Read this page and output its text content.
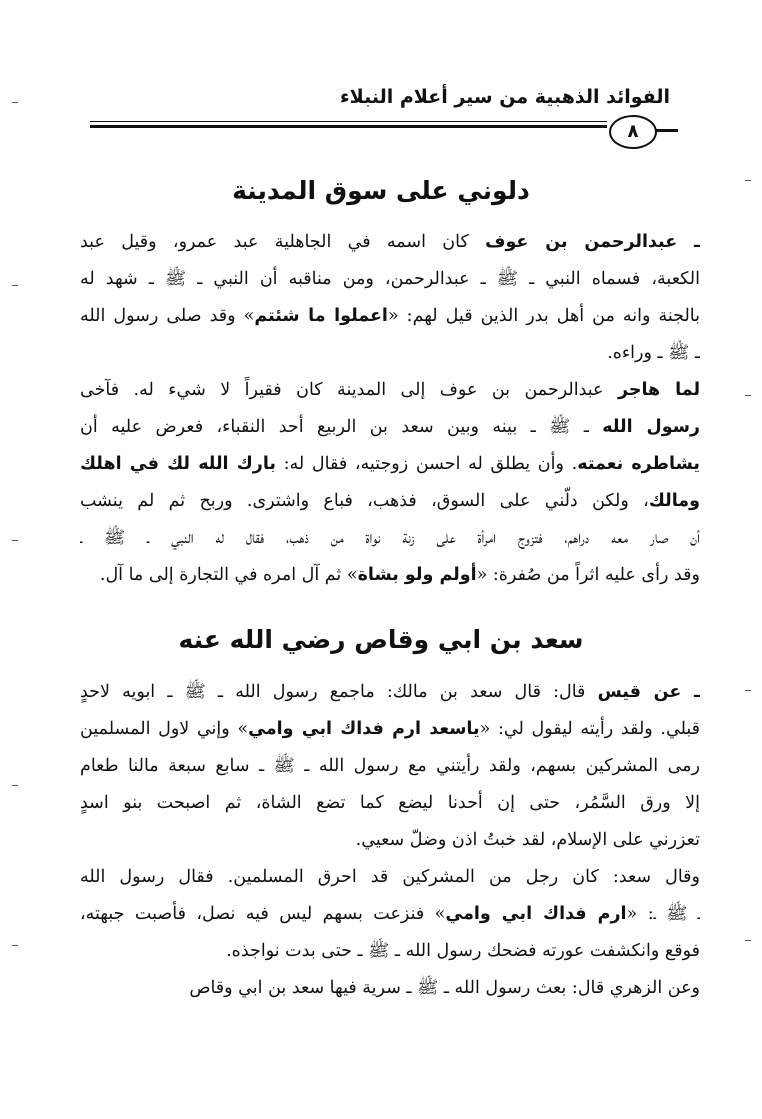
الفوائد الذهبية من سير أعلام النبلاء
٨
دلوني على سوق المدينة
ـ عبدالرحمن بن عوف كان اسمه في الجاهلية عبد عمرو، وقيل عبد
الكعبة، فسماه النبي ـ ﷺ ـ عبدالرحمن، ومن مناقبه أن النبي ـ ﷺ ـ شهد له
بالجنة وانه من أهل بدر الذين قيل لهم: «اعملوا ما شئتم» وقد صلى رسول الله
ـ ﷺ ـ وراءه.
لما هاجر عبدالرحمن بن عوف إلى المدينة كان فقيراً لا شيء له. فآخى
رسول الله ـ ﷺ ـ بينه وبين سعد بن الربيع أحد النقباء، فعرض عليه أن
يشاطره نعمته. وأن يطلق له احسن زوجتيه، فقال له: بارك الله لك في اهلك
ومالك، ولكن دلّني على السوق، فذهب، فباع واشترى. وربح ثم لم ينشب
أن صار معه دراهم، فتزوج امرأة على زنة نواة من ذهب، فقال له النبي ـ ﷺ ـ
وقد رأى عليه اثراً من صُفرة: «أولم ولو بشاة» ثم آل امره في التجارة إلى ما آل.
سعد بن ابي وقاص رضي الله عنه
ـ عن قيس قال: قال سعد بن مالك: ماجمع رسول الله ـ ﷺ ـ ابويه لاحدٍ
قبلي. ولقد رأيته ليقول لي: «ياسعد ارم فداك ابي وامي» وإني لاول المسلمين
رمى المشركين بسهم، ولقد رأيتني مع رسول الله ـ ﷺ ـ سابع سبعة مالنا طعام
إلا ورق السَّمُر، حتى إن أحدنا ليضع كما تضع الشاة، ثم اصبحت بنو اسدٍ
تعزرني على الإسلام، لقد خبتُ اذن وضلّ سعيي.
وقال سعد: كان رجل من المشركين قد احرق المسلمين. فقال رسول الله
ـ ﷺ ـ: «ارم فداك ابي وامي» فنزعت بسهم ليس فيه نصل، فأصبت جبهته،
فوقع وانكشفت عورته فضحك رسول الله ـ ﷺ ـ حتى بدت نواجذه.
وعن الزهري قال: بعث رسول الله ـ ﷺ ـ سرية فيها سعد بن ابي وقاص
